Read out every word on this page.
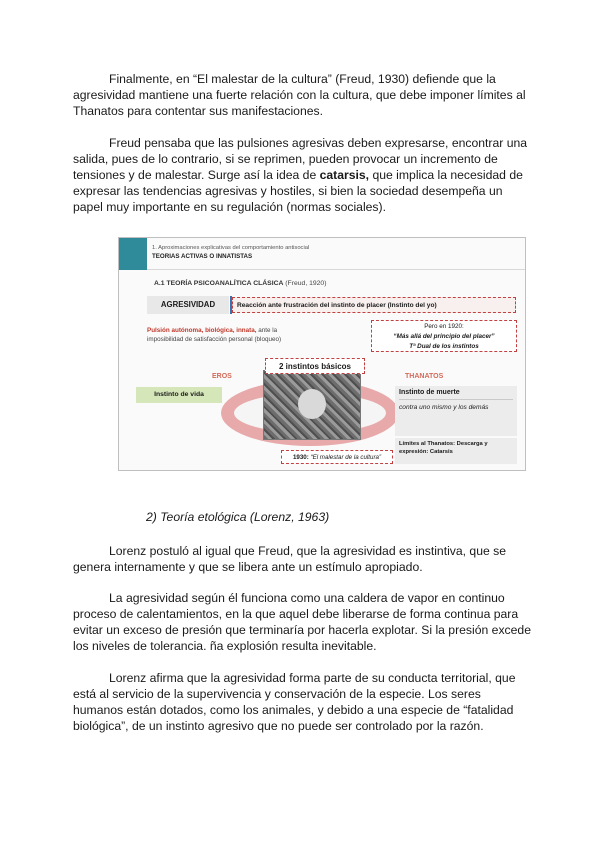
Finalmente, en “El malestar de la cultura” (Freud, 1930) defiende que la agresividad mantiene una fuerte relación con la cultura, que debe imponer límites al Thanatos para contentar sus manifestaciones.

Freud pensaba que las pulsiones agresivas deben expresarse, encontrar una salida, pues de lo contrario, si se reprimen, pueden provocar un incremento de tensiones y de malestar. Surge así la idea de catarsis, que implica la necesidad de expresar las tendencias agresivas y hostiles, si bien la sociedad desempeña un papel muy importante en su regulación (normas sociales).

1. Aproximaciones explicativas del comportamiento antisocial
TEORIAS ACTIVAS O INNATISTAS
A.1 TEORÍA PSICOANALÍTICA CLÁSICA (Freud, 1920)
AGRESIVIDAD	Reacción ante frustración del instinto de placer (Instinto del yo)
Pulsión autónoma, biológica, innata, ante la imposibilidad de satisfacción personal (bloqueo)
Pero en 1920:
“Más allá del principio del placer”
Tª Dual de los instintos
EROS	THANATOS
2 instintos básicos
Instinto de vida	Instinto de muerte
contra uno mismo y los demás
Límites al Thanatos: Descarga y expresión: Catarsis
1930: “El malestar de la cultura”

2) Teoría etológica (Lorenz, 1963)

Lorenz postuló al igual que Freud, que la agresividad es instintiva, que se genera internamente y que se libera ante un estímulo apropiado.

La agresividad según él funciona como una caldera de vapor en continuo proceso de calentamientos, en la que aquel debe liberarse de forma continua para evitar un exceso de presión que terminaría por hacerla explotar. Si la presión excede los niveles de tolerancia. ña explosión resulta inevitable.

Lorenz afirma que la agresividad forma parte de su conducta territorial, que está al servicio de la supervivencia y conservación de la especie. Los seres humanos están dotados, como los animales, y debido a una especie de “fatalidad biológica”, de un instinto agresivo que no puede ser controlado por la razón.
